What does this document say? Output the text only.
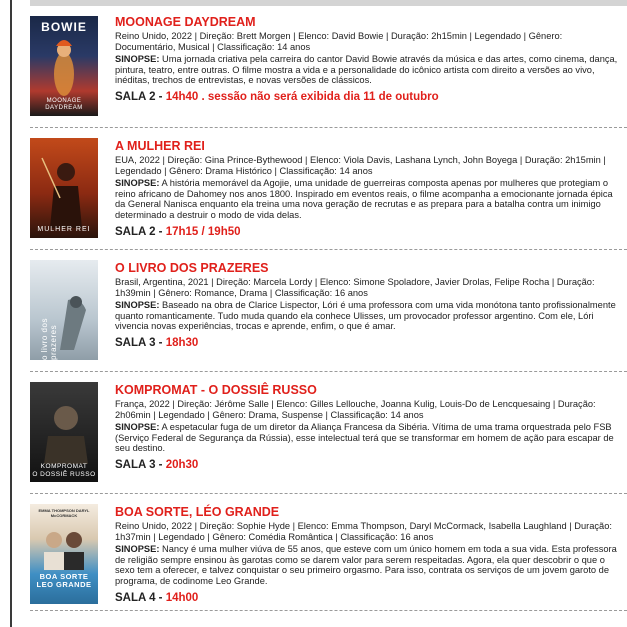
BOWIE
MOONAGE DAYDREAM
MOONAGE DAYDREAM

Reino Unido, 2022 | Direção: Brett Morgen | Elenco: David Bowie | Duração: 2h15min | Legendado | Gênero: Documentário, Musical | Classificação: 14 anos

SINOPSE: Uma jornada criativa pela carreira do cantor David Bowie através da música e das artes, como cinema, dança, pintura, teatro, entre outras. O filme mostra a vida e a personalidade do icônico artista com direito a versões ao vivo, inéditas, trechos de entrevistas, e novas versões de clássicos.

SALA 2 - 14h40 . sessão não será exibida dia 11 de outubro
MULHER REI
A MULHER REI

EUA, 2022 | Direção: Gina Prince-Bythewood | Elenco: Viola Davis, Lashana Lynch, John Boyega | Duração: 2h15min | Legendado | Gênero: Drama Histórico | Classificação: 14 anos

SINOPSE: A história memorável da Agojie, uma unidade de guerreiras composta apenas por mulheres que protegiam o reino africano de Dahomey nos anos 1800. Inspirado em eventos reais, o filme acompanha a emocionante jornada épica da General Nanisca enquanto ela treina uma nova geração de recrutas e as prepara para a batalha contra um inimigo determinado a destruir o modo de vida delas.

SALA 2 - 17h15 / 19h50
o livro dos prazeres
O LIVRO DOS PRAZERES

Brasil, Argentina, 2021 | Direção: Marcela Lordy | Elenco: Simone Spoladore, Javier Drolas, Felipe Rocha | Duração: 1h39min | Gênero: Romance, Drama | Classificação: 16 anos

SINOPSE: Baseado na obra de Clarice Lispector, Lóri é uma professora com uma vida monótona tanto profissionalmente quanto romanticamente. Tudo muda quando ela conhece Ulisses, um provocador professor argentino. Com ele, Lóri vivencia novas experiências, trocas e aprende, enfim, o que é amar.

SALA 3 - 18h30
KOMPROMAT
O DOSSIÊ RUSSO
KOMPROMAT - O DOSSIÊ RUSSO

França, 2022 | Direção: Jérôme Salle | Elenco: Gilles Lellouche, Joanna Kulig, Louis-Do de Lencquesaing | Duração: 2h06min | Legendado | Gênero: Drama, Suspense | Classificação: 14 anos

SINOPSE: A espetacular fuga de um diretor da Aliança Francesa da Sibéria. Vítima de uma trama orquestrada pelo FSB (Serviço Federal de Segurança da Rússia), esse intelectual terá que se transformar em homem de ação para escapar de seu destino.

SALA 3 - 20h30
EMMA THOMPSON DARYL McCORMACK
BOA SORTE LEO GRANDE
BOA SORTE, LÉO GRANDE

Reino Unido, 2022 | Direção: Sophie Hyde | Elenco: Emma Thompson, Daryl McCormack, Isabella Laughland | Duração: 1h37min | Legendado | Gênero: Comédia Romântica | Classificação: 16 anos

SINOPSE: Nancy é uma mulher viúva de 55 anos, que esteve com um único homem em toda a sua vida. Esta professora de religião sempre ensinou às garotas como se darem valor para serem respeitadas. Agora, ela quer descobrir o que o sexo tem a oferecer, e talvez conquistar o seu primeiro orgasmo. Para isso, contrata os serviços de um jovem garoto de programa, de codinome Leo Grande.

SALA 4 - 14h00
